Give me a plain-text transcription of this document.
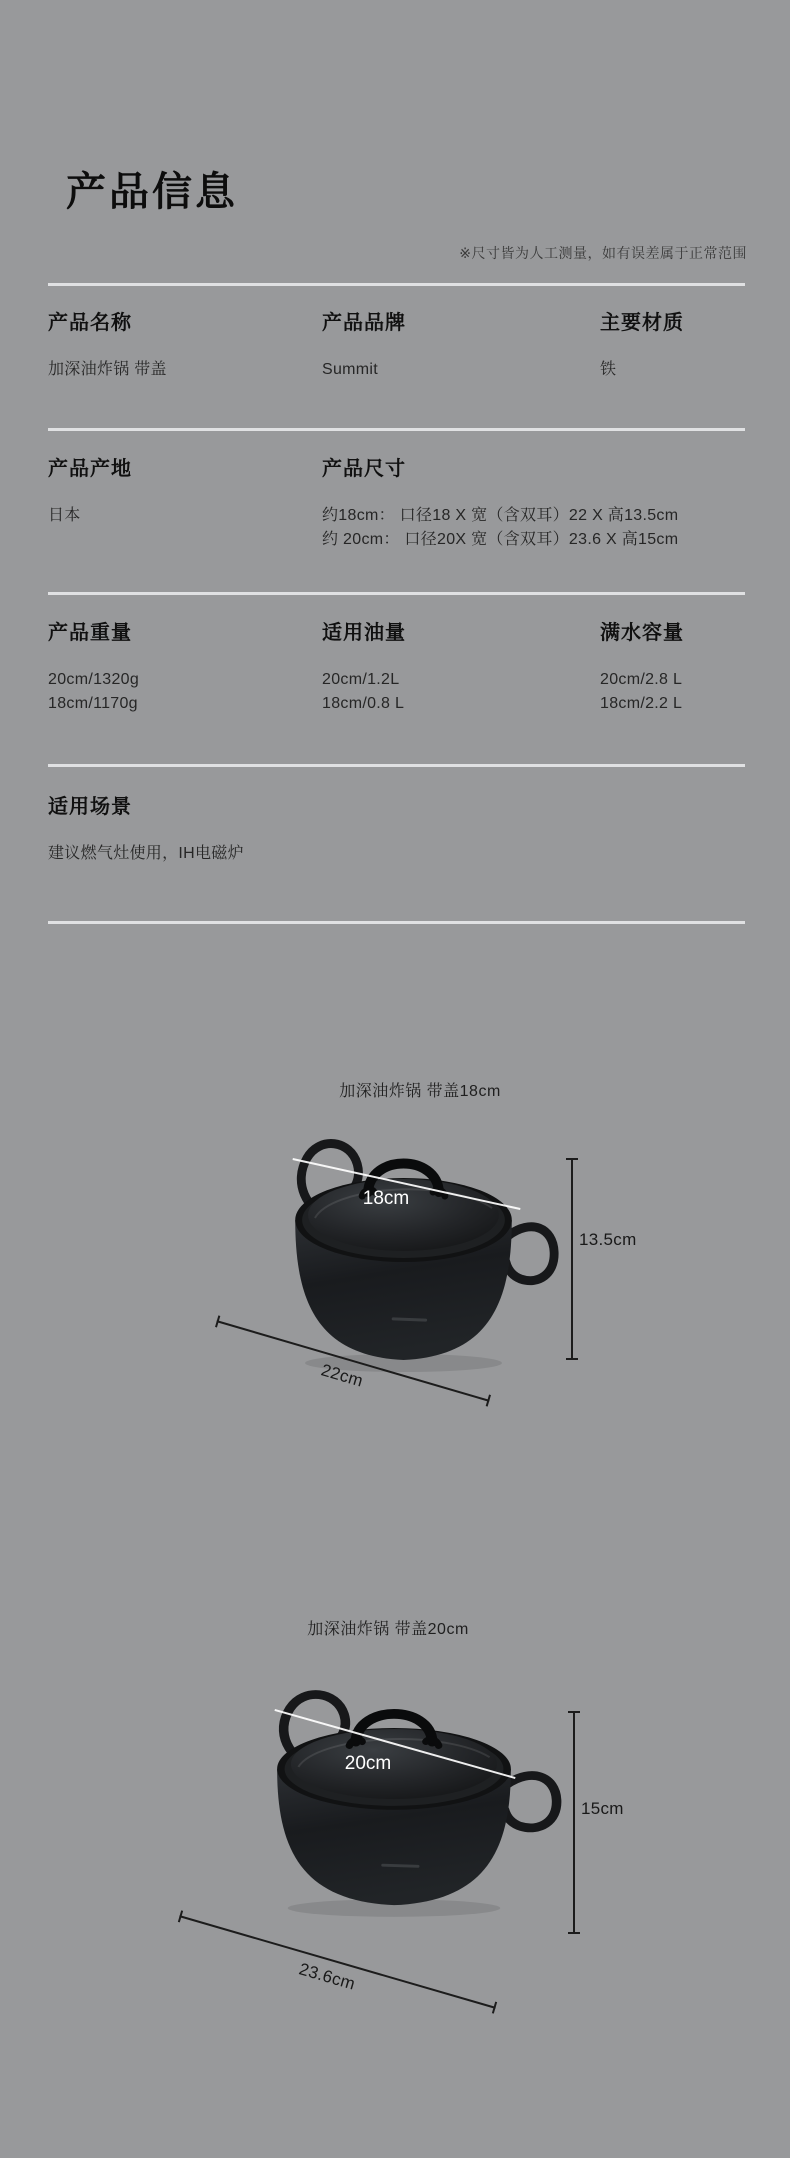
产品信息
※尺寸皆为人工测量，如有误差属于正常范围
产品名称
加深油炸锅 带盖
产品品牌
Summit
主要材质
铁
产品产地
日本
产品尺寸
约18cm： 口径18 X 宽（含双耳）22 X 高13.5cm
约 20cm： 口径20X 宽（含双耳）23.6 X 高15cm
产品重量
20cm/1320g
18cm/1170g
适用油量
20cm/1.2L
18cm/0.8 L
满水容量
20cm/2.8 L
18cm/2.2 L
适用场景
建议燃气灶使用，IH电磁炉
加深油炸锅 带盖18cm
18cm
13.5cm
22cm
加深油炸锅 带盖20cm
20cm
15cm
23.6cm
